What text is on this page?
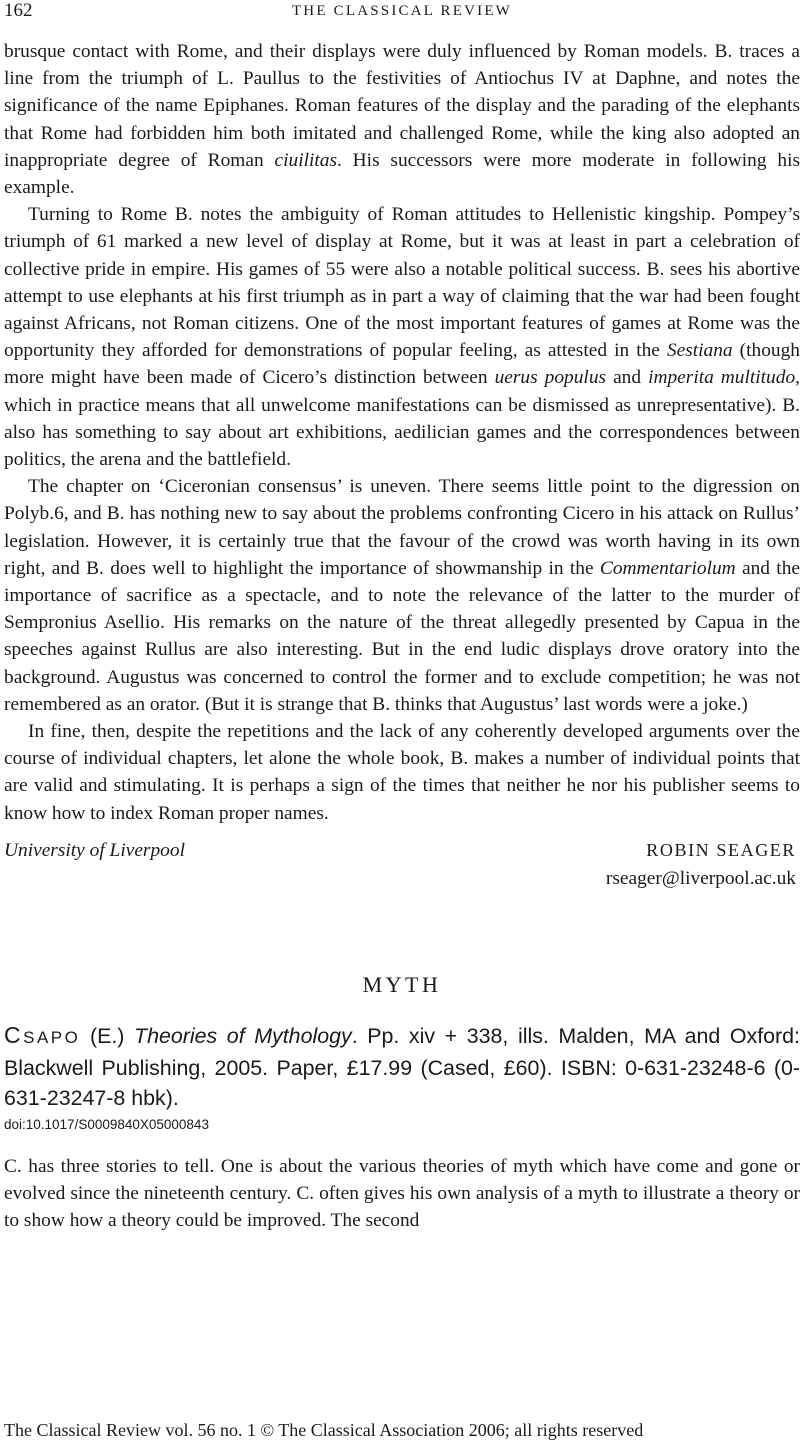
162	THE CLASSICAL REVIEW

brusque contact with Rome, and their displays were duly influenced by Roman models. B. traces a line from the triumph of L. Paullus to the festivities of Antiochus IV at Daphne, and notes the significance of the name Epiphanes. Roman features of the display and the parading of the elephants that Rome had forbidden him both imitated and challenged Rome, while the king also adopted an inappropriate degree of Roman ciuilitas. His successors were more moderate in following his example.

Turning to Rome B. notes the ambiguity of Roman attitudes to Hellenistic kingship. Pompey’s triumph of 61 marked a new level of display at Rome, but it was at least in part a celebration of collective pride in empire. His games of 55 were also a notable political success. B. sees his abortive attempt to use elephants at his first triumph as in part a way of claiming that the war had been fought against Africans, not Roman citizens. One of the most important features of games at Rome was the opportunity they afforded for demonstrations of popular feeling, as attested in the Sestiana (though more might have been made of Cicero’s distinction between uerus populus and imperita multitudo, which in practice means that all unwelcome manifestations can be dismissed as unrepresentative). B. also has something to say about art exhibitions, aedilician games and the correspondences between politics, the arena and the battlefield.

The chapter on ‘Ciceronian consensus’ is uneven. There seems little point to the digression on Polyb.6, and B. has nothing new to say about the problems confronting Cicero in his attack on Rullus’ legislation. However, it is certainly true that the favour of the crowd was worth having in its own right, and B. does well to highlight the importance of showmanship in the Commentariolum and the importance of sacrifice as a spectacle, and to note the relevance of the latter to the murder of Sempronius Asellio. His remarks on the nature of the threat allegedly presented by Capua in the speeches against Rullus are also interesting. But in the end ludic displays drove oratory into the background. Augustus was concerned to control the former and to exclude competition; he was not remembered as an orator. (But it is strange that B. thinks that Augustus’ last words were a joke.)

In fine, then, despite the repetitions and the lack of any coherently developed arguments over the course of individual chapters, let alone the whole book, B. makes a number of individual points that are valid and stimulating. It is perhaps a sign of the times that neither he nor his publisher seems to know how to index Roman proper names.

University of Liverpool	ROBIN SEAGER
rseager@liverpool.ac.uk
MYTH
CSAPO (E.) Theories of Mythology. Pp. xiv + 338, ills. Malden, MA and Oxford: Blackwell Publishing, 2005. Paper, £17.99 (Cased, £60). ISBN: 0-631-23248-6 (0-631-23247-8 hbk).
doi:10.1017/S0009840X05000843

C. has three stories to tell. One is about the various theories of myth which have come and gone or evolved since the nineteenth century. C. often gives his own analysis of a myth to illustrate a theory or to show how a theory could be improved. The second

The Classical Review vol. 56 no. 1 © The Classical Association 2006; all rights reserved
